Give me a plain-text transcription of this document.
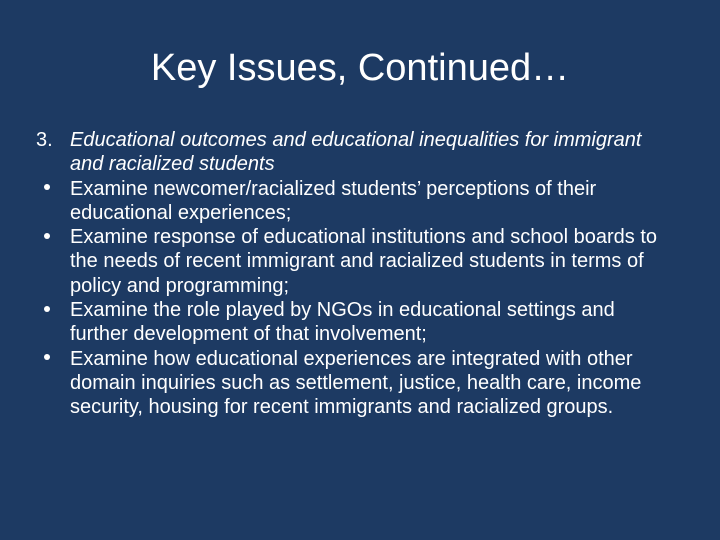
Key Issues, Continued…

3. Educational outcomes and educational inequalities for immigrant and racialized students

Examine newcomer/racialized students’ perceptions of their educational experiences;

Examine response of educational institutions and school boards to the needs of recent immigrant and racialized students in terms of policy and programming;

Examine the role played by NGOs in educational settings and further development of that involvement;

Examine how educational experiences are integrated with other domain inquiries such as settlement, justice, health care, income security, housing for recent immigrants and racialized groups.
